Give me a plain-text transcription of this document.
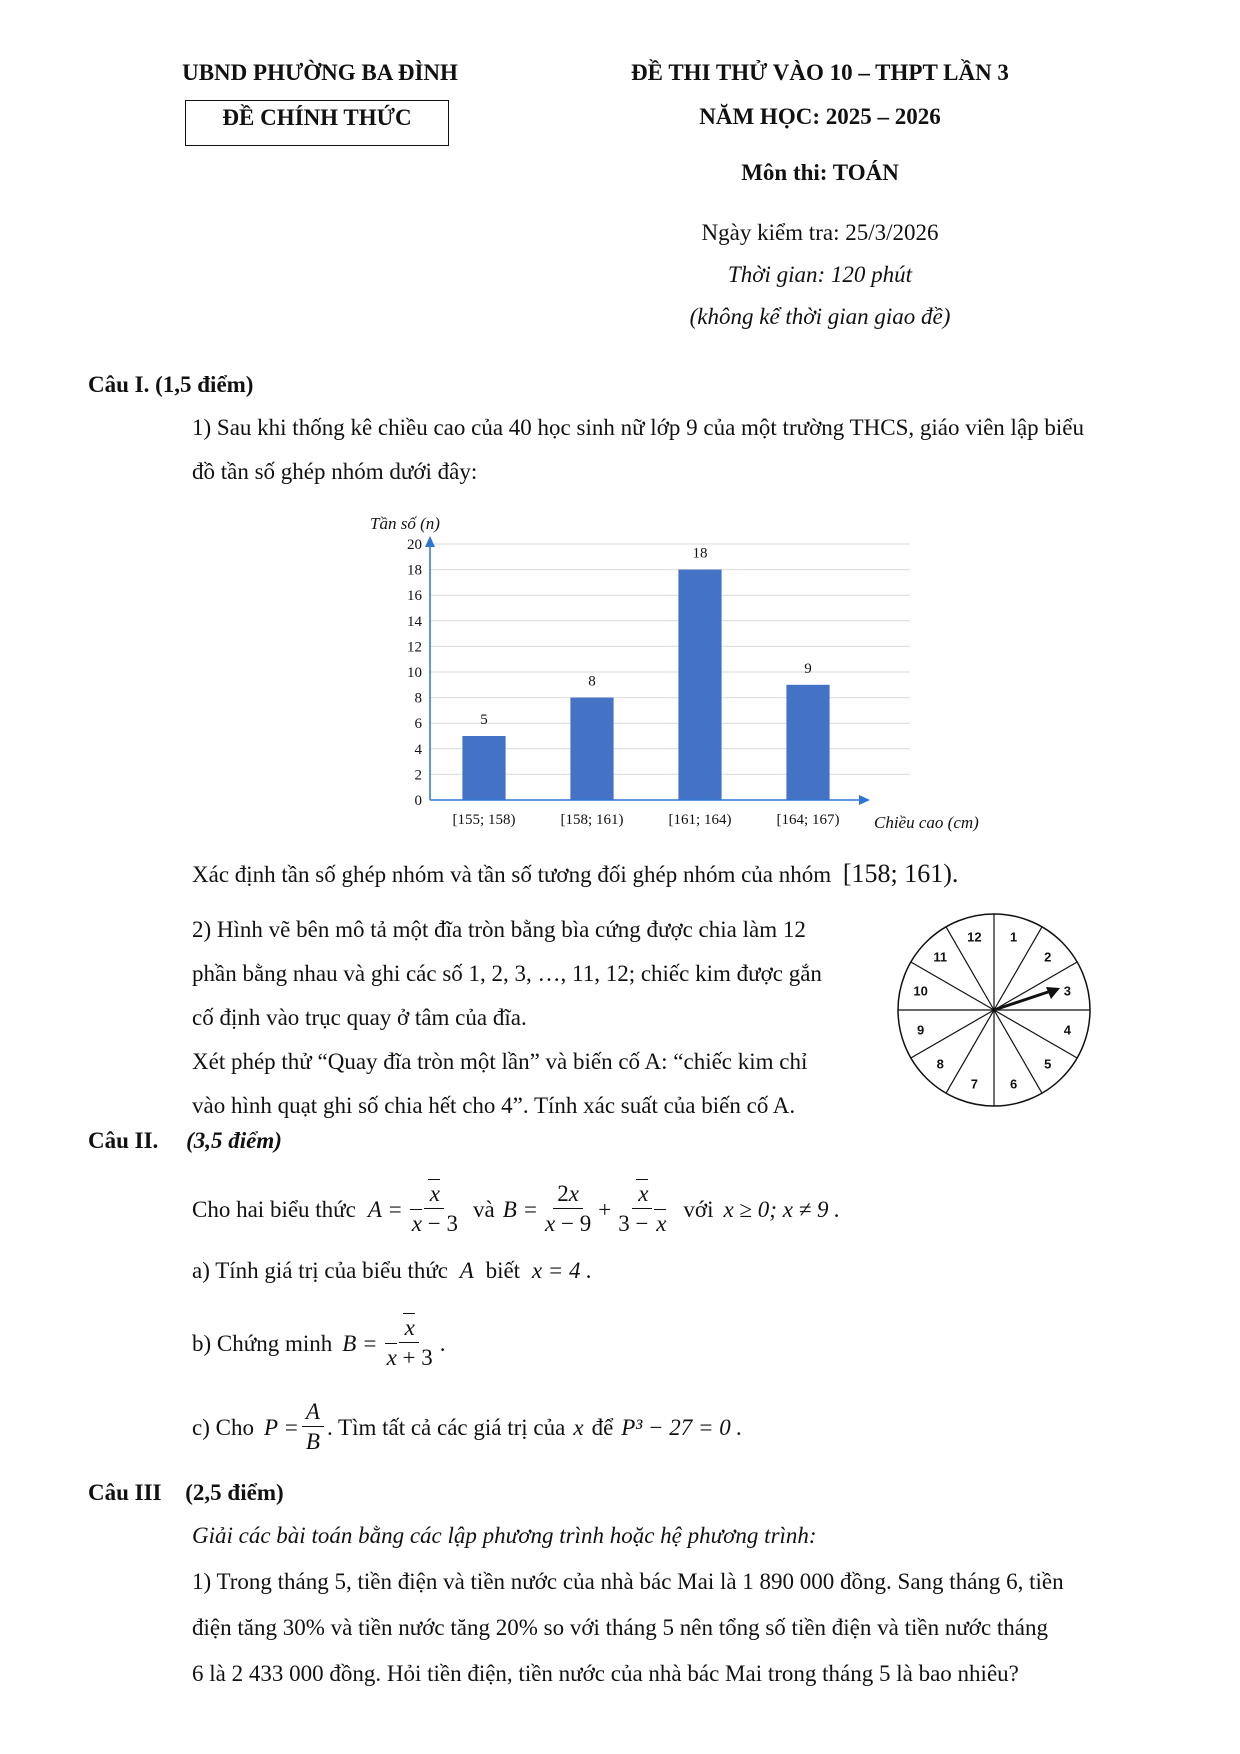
UBND PHƯỜNG BA ĐÌNH
ĐỀ CHÍNH THỨC
ĐỀ THI THỬ VÀO 10 – THPT LẦN 3
NĂM HỌC: 2025 – 2026
Môn thi: TOÁN
Ngày kiểm tra: 25/3/2026
Thời gian: 120 phút
(không kể thời gian giao đề)
Câu I. (1,5 điểm)
1) Sau khi thống kê chiều cao của 40 học sinh nữ lớp 9 của một trường THCS, giáo viên lập biểu
đồ tần số ghép nhóm dưới đây:
0
2
4
6
8
10
12
14
16
18
20
5
8
18
9
[155; 158)	[158; 161)	[161; 164)	[164; 167)
Tần số (n)
Chiều cao (cm)
Xác định tần số ghép nhóm và tần số tương đối ghép nhóm của nhóm [158; 161).
2) Hình vẽ bên mô tả một đĩa tròn bằng bìa cứng được chia làm 12
phần bằng nhau và ghi các số 1, 2, 3, …, 11, 12; chiếc kim được gắn
cố định vào trục quay ở tâm của đĩa.
Xét phép thử “Quay đĩa tròn một lần” và biến cố A: “chiếc kim chỉ
vào hình quạt ghi số chia hết cho 4”. Tính xác suất của biến cố A.
1
2
3
4
5
6
7
8
9
10
11
12
Câu II. (3,5 điểm)
Cho hai biểu thức $A = \frac{x}{x - 3}$ và $B = \frac{2x}{x - 9} + \frac{x}{3 - x}$ với x ≥ 0; x ≠ 9 .
a) Tính giá trị của biểu thức A biết x = 4 .
b) Chứng minh $B = \frac{x}{x + 3}$ .
c) Cho $P = \frac{A}{B}$ . Tìm tất cả các giá trị của x để P³ − 27 = 0 .
Câu III (2,5 điểm)
Giải các bài toán bằng các lập phương trình hoặc hệ phương trình:
1) Trong tháng 5, tiền điện và tiền nước của nhà bác Mai là 1 890 000 đồng. Sang tháng 6, tiền
điện tăng 30% và tiền nước tăng 20% so với tháng 5 nên tổng số tiền điện và tiền nước tháng
6 là 2 433 000 đồng. Hỏi tiền điện, tiền nước của nhà bác Mai trong tháng 5 là bao nhiêu?
